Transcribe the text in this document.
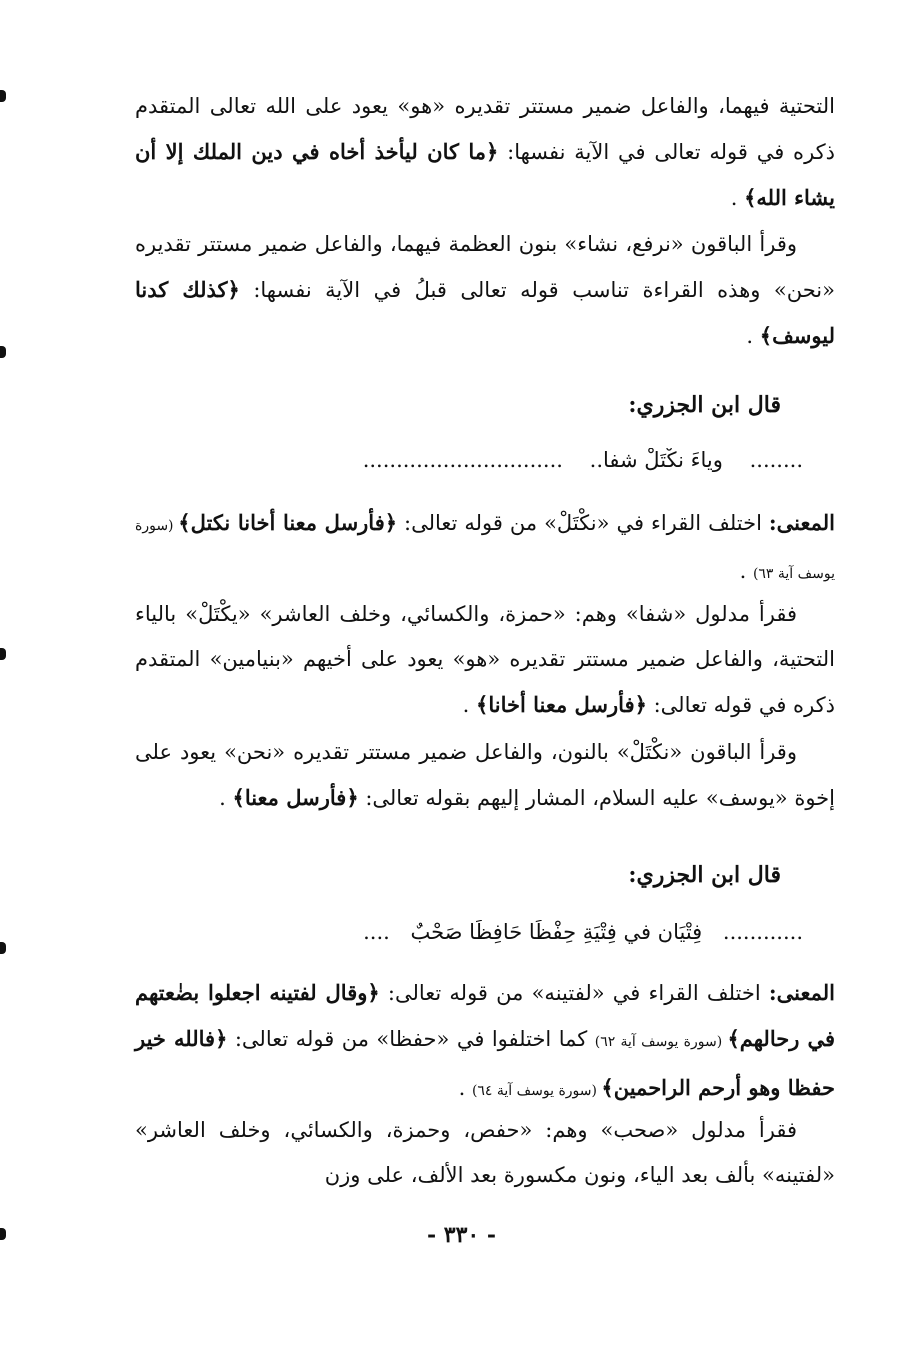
التحتية فيهما، والفاعل ضمير مستتر تقديره «هو» يعود على الله تعالى المتقدم ذكره في قوله تعالى في الآية نفسها: ﴿ما كان ليأخذ أخاه في دين الملك إلا أن يشاء الله﴾ .

وقرأ الباقون «نرفع، نشاء» بنون العظمة فيهما، والفاعل ضمير مستتر تقديره «نحن» وهذه القراءة تناسب قوله تعالى قبلُ في الآية نفسها: ﴿كذلك كدنا ليوسف﴾ .

قال ابن الجزري:
........ وياءَ نكْتَلْ شفا.. ..............................

المعنى: اختلف القراء في «نكْتَلْ» من قوله تعالى: ﴿فأرسل معنا أخانا نكتل﴾ (سورة يوسف آية ٦٣) .

فقرأ مدلول «شفا» وهم: «حمزة، والكسائي، وخلف العاشر» «يكْتَلْ» بالياء التحتية، والفاعل ضمير مستتر تقديره «هو» يعود على أخيهم «بنيامين» المتقدم ذكره في قوله تعالى: ﴿فأرسل معنا أخانا﴾ .

وقرأ الباقون «نكْتَلْ» بالنون، والفاعل ضمير مستتر تقديره «نحن» يعود على إخوة «يوسف» عليه السلام، المشار إليهم بقوله تعالى: ﴿فأرسل معنا﴾ .

قال ابن الجزري:
............ فِتْيَانِ في فِتْيَةِ حِفْظًا حَافِظًا صَحْبٌ ....

المعنى: اختلف القراء في «لفتينه» من قوله تعالى: ﴿وقال لفتينه اجعلوا بضٰعتهم في رحالهم﴾ (سورة يوسف آية ٦٢) كما اختلفوا في «حفظا» من قوله تعالى: ﴿فالله خير حفظا وهو أرحم الراحمين﴾ (سورة يوسف آية ٦٤) .

فقرأ مدلول «صحب» وهم: «حفص، وحمزة، والكسائي، وخلف العاشر» «لفتينه» بألف بعد الياء، ونون مكسورة بعد الألف، على وزن

- ٣٣٠ -
